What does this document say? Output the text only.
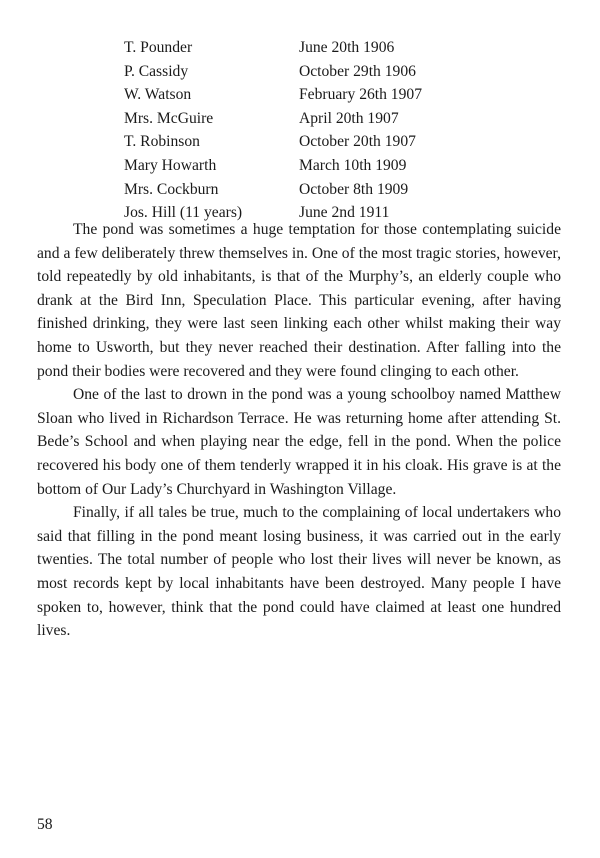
T. Pounder	June 20th 1906
P. Cassidy	October 29th 1906
W. Watson	February 26th 1907
Mrs. McGuire	April 20th 1907
T. Robinson	October 20th 1907
Mary Howarth	March 10th 1909
Mrs. Cockburn	October 8th 1909
Jos. Hill (11 years)	June 2nd 1911

The pond was sometimes a huge temptation for those contemplating suicide and a few deliberately threw themselves in. One of the most tragic stories, however, told repeatedly by old inhabitants, is that of the Murphy’s, an elderly couple who drank at the Bird Inn, Speculation Place. This particular evening, after having finished drinking, they were last seen linking each other whilst making their way home to Usworth, but they never reached their destination. After falling into the pond their bodies were recovered and they were found clinging to each other.

One of the last to drown in the pond was a young schoolboy named Matthew Sloan who lived in Richardson Terrace. He was returning home after attending St. Bede’s School and when playing near the edge, fell in the pond. When the police recovered his body one of them tenderly wrapped it in his cloak. His grave is at the bottom of Our Lady’s Churchyard in Washington Village.

Finally, if all tales be true, much to the complaining of local undertakers who said that filling in the pond meant losing business, it was carried out in the early twenties. The total number of people who lost their lives will never be known, as most records kept by local inhabitants have been destroyed. Many people I have spoken to, however, think that the pond could have claimed at least one hundred lives.

58
